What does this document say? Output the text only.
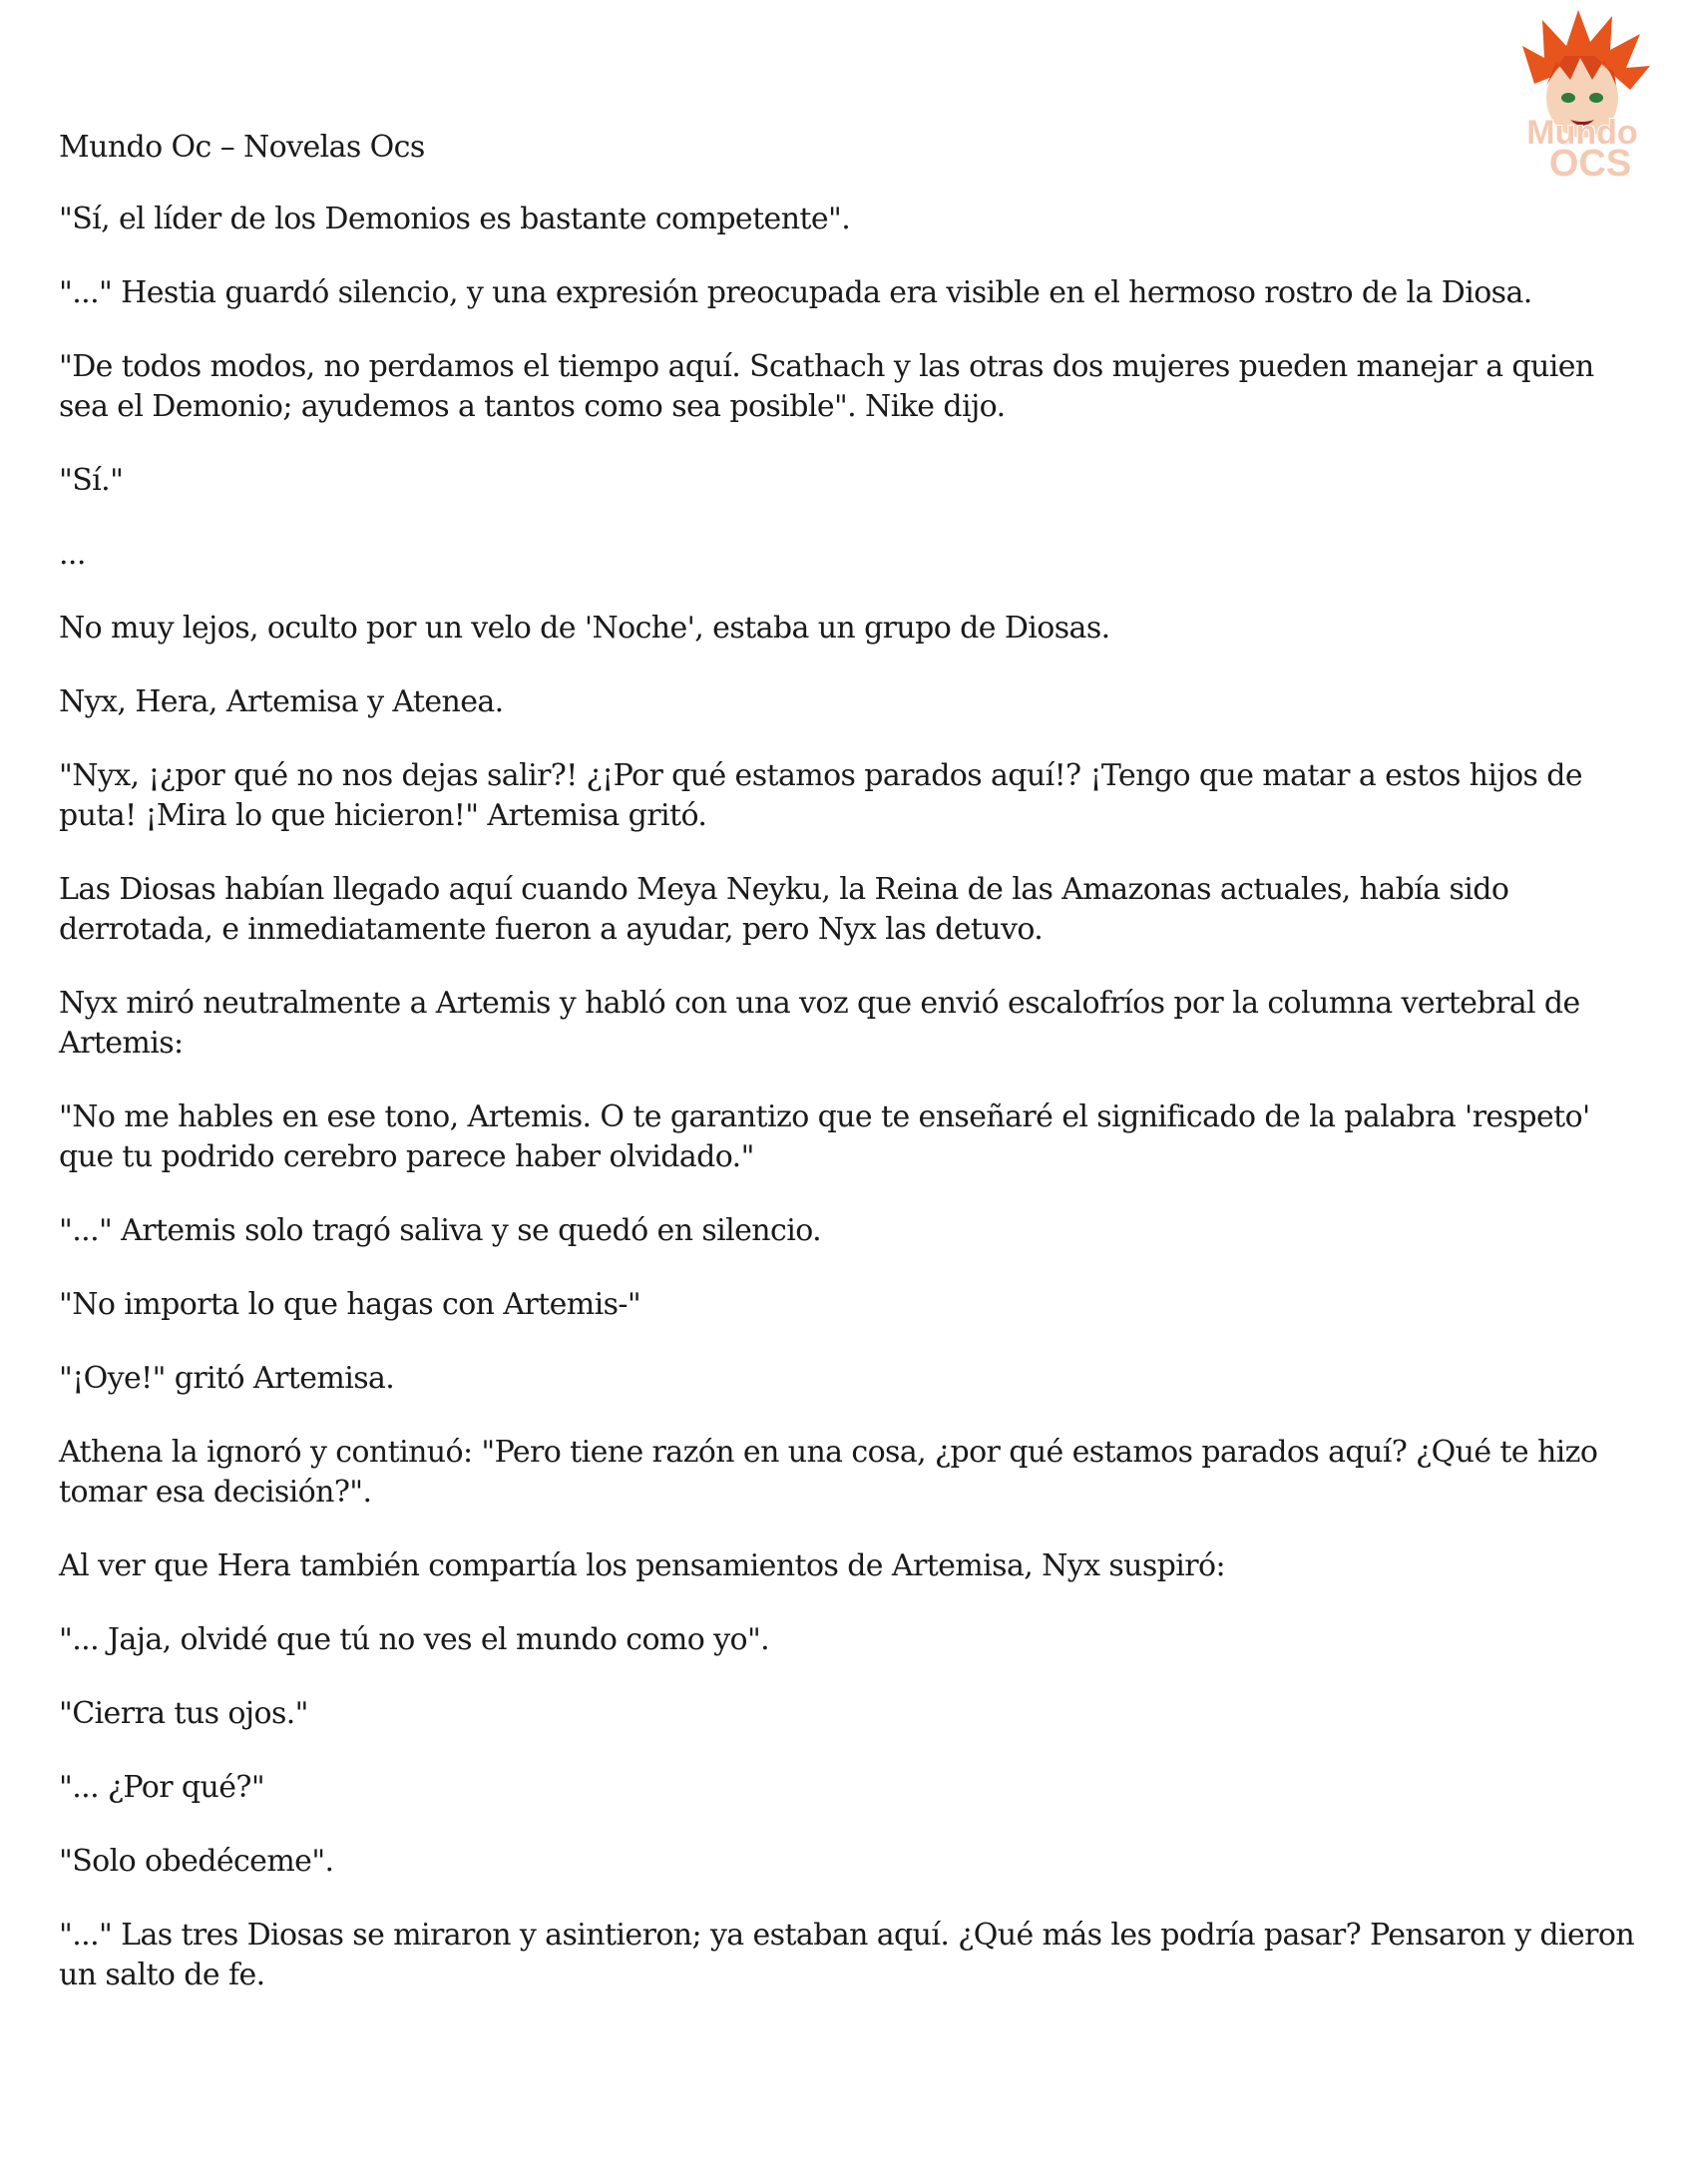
Mundo
OCS

Mundo Oc – Novelas Ocs

"Sí, el líder de los Demonios es bastante competente".

"..." Hestia guardó silencio, y una expresión preocupada era visible en el hermoso rostro de la Diosa.

"De todos modos, no perdamos el tiempo aquí. Scathach y las otras dos mujeres pueden manejar a quien sea el Demonio; ayudemos a tantos como sea posible". Nike dijo.

"Sí."

...

No muy lejos, oculto por un velo de 'Noche', estaba un grupo de Diosas.

Nyx, Hera, Artemisa y Atenea.

"Nyx, ¡¿por qué no nos dejas salir?! ¿¡Por qué estamos parados aquí!? ¡Tengo que matar a estos hijos de puta! ¡Mira lo que hicieron!" Artemisa gritó.

Las Diosas habían llegado aquí cuando Meya Neyku, la Reina de las Amazonas actuales, había sido derrotada, e inmediatamente fueron a ayudar, pero Nyx las detuvo.

Nyx miró neutralmente a Artemis y habló con una voz que envió escalofríos por la columna vertebral de Artemis:

"No me hables en ese tono, Artemis. O te garantizo que te enseñaré el significado de la palabra 'respeto' que tu podrido cerebro parece haber olvidado."

"..." Artemis solo tragó saliva y se quedó en silencio.

"No importa lo que hagas con Artemis-"

"¡Oye!" gritó Artemisa.

Athena la ignoró y continuó: "Pero tiene razón en una cosa, ¿por qué estamos parados aquí? ¿Qué te hizo tomar esa decisión?".

Al ver que Hera también compartía los pensamientos de Artemisa, Nyx suspiró:

"... Jaja, olvidé que tú no ves el mundo como yo".

"Cierra tus ojos."

"... ¿Por qué?"

"Solo obedéceme".

"..." Las tres Diosas se miraron y asintieron; ya estaban aquí. ¿Qué más les podría pasar? Pensaron y dieron un salto de fe.
